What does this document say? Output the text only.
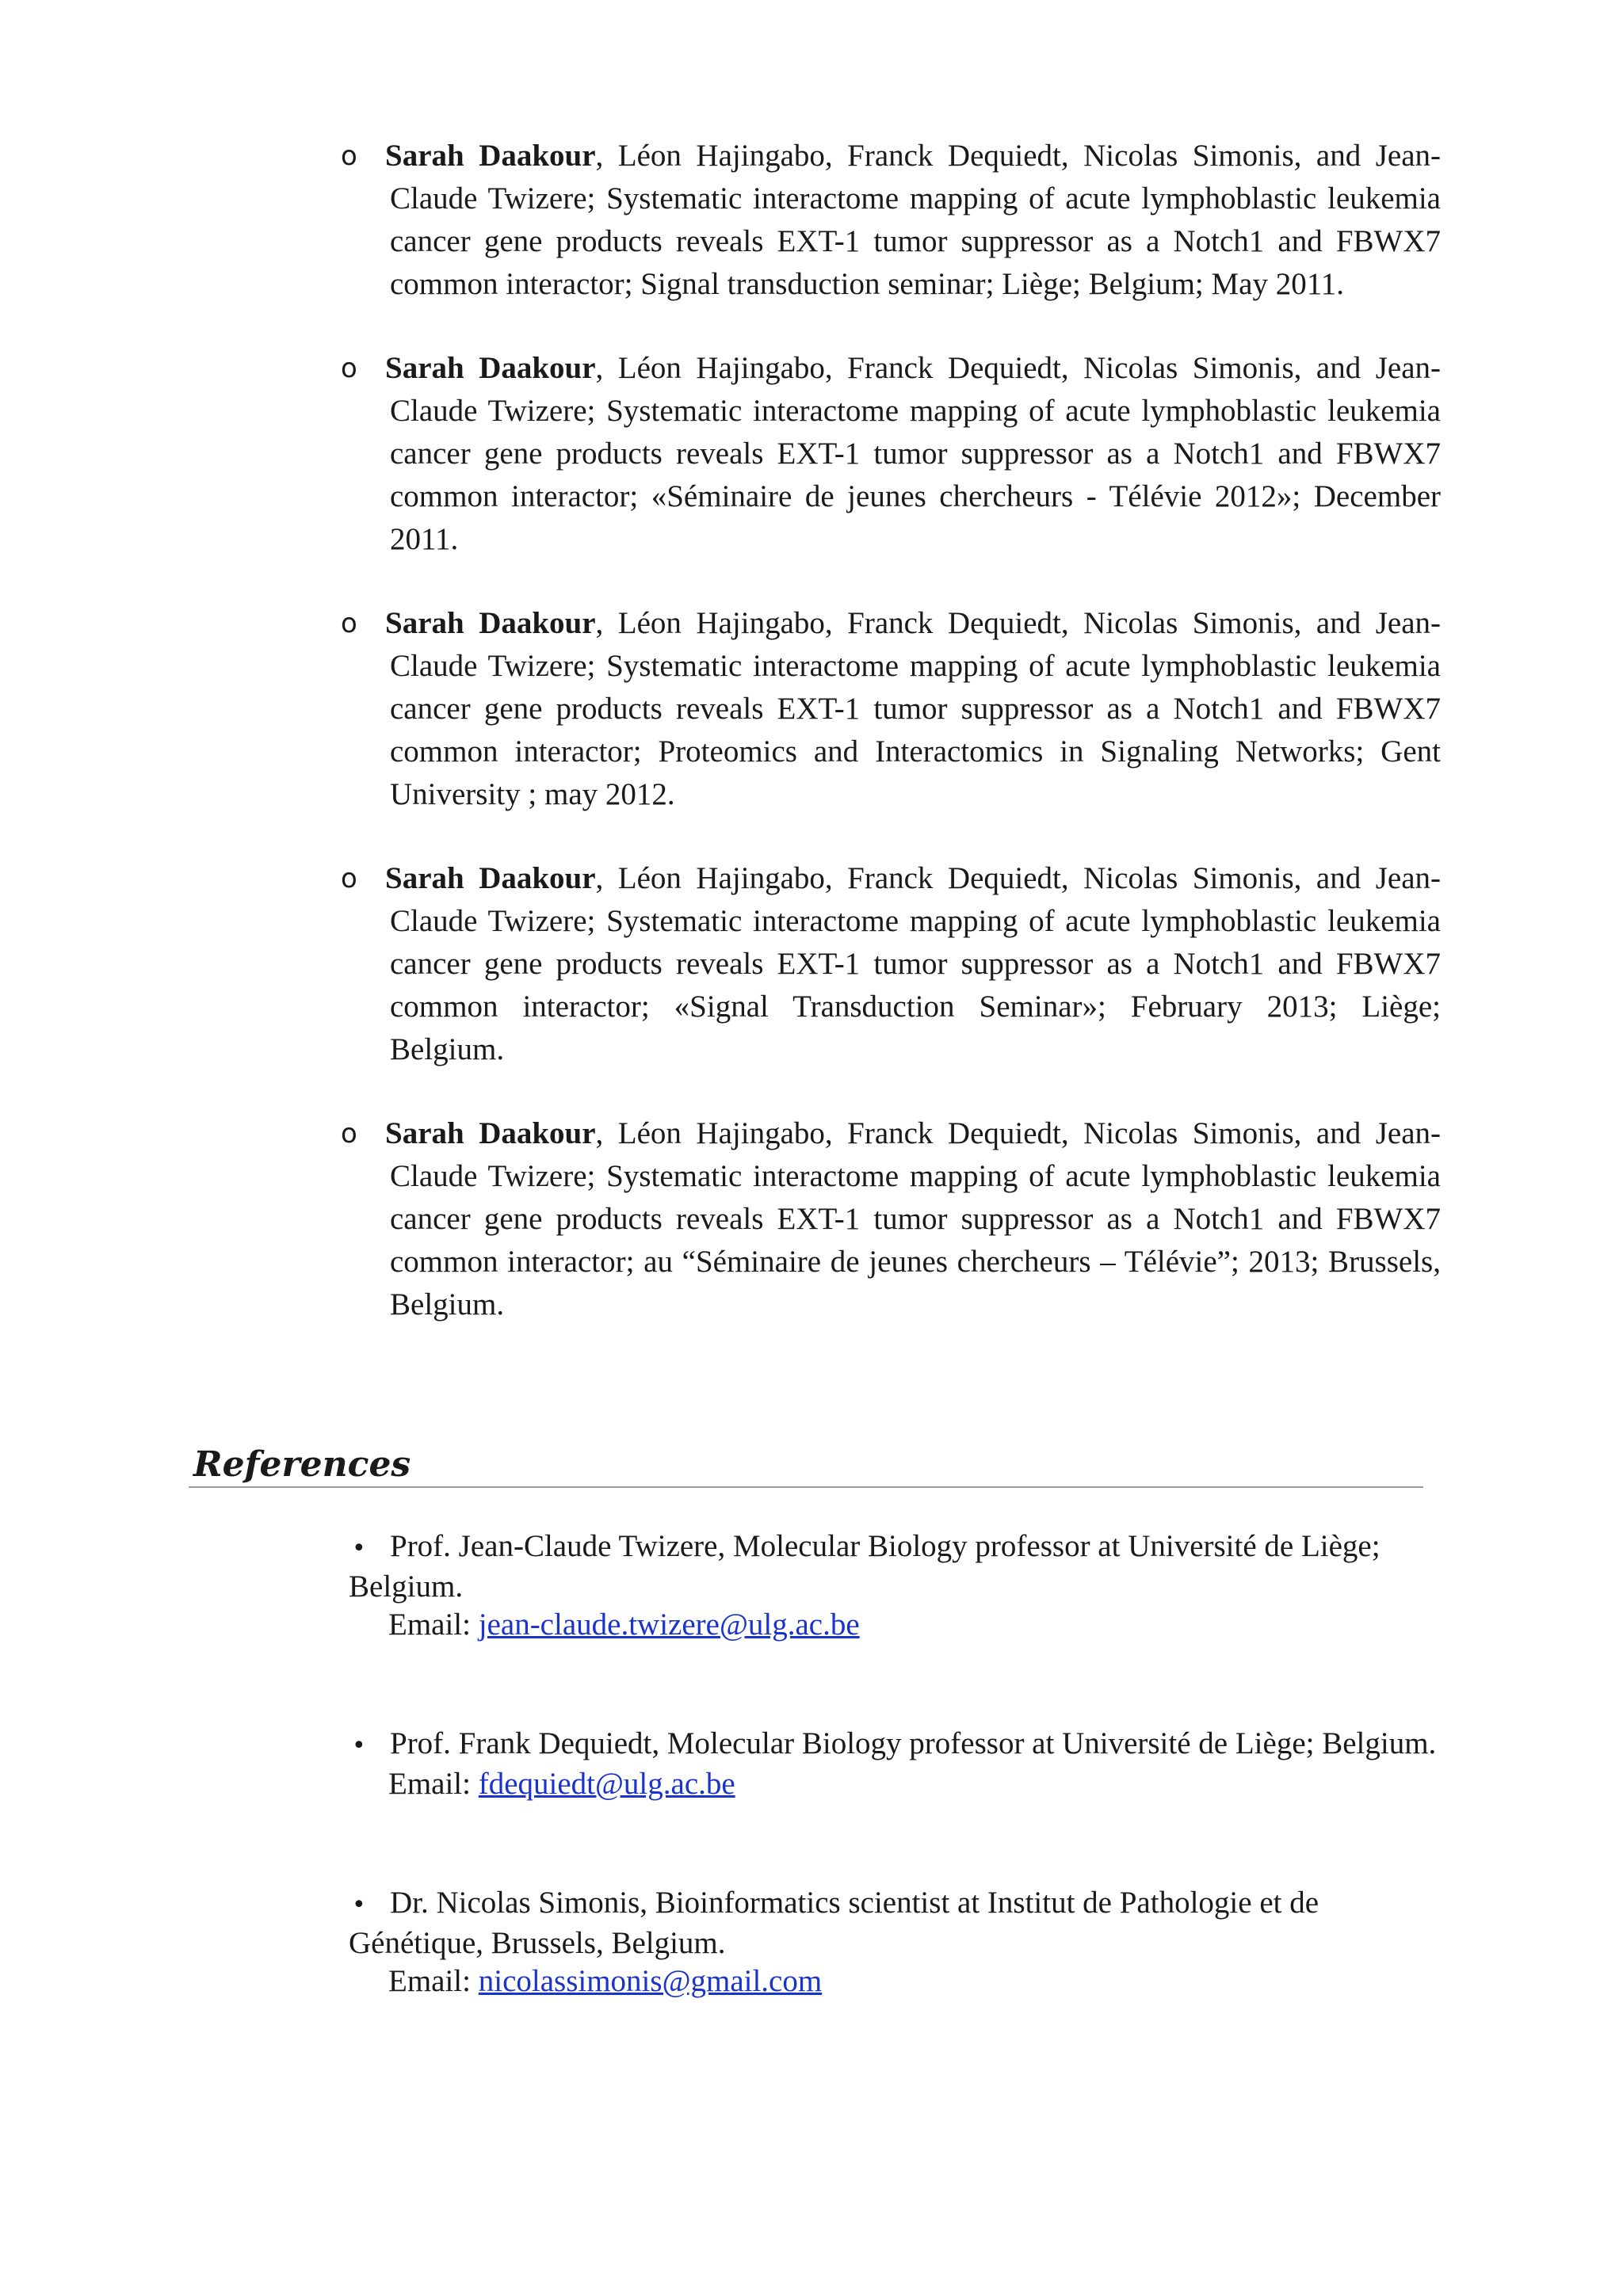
o Sarah Daakour, Léon Hajingabo, Franck Dequiedt, Nicolas Simonis, and Jean-Claude Twizere; Systematic interactome mapping of acute lymphoblastic leukemia cancer gene products reveals EXT-1 tumor suppressor as a Notch1 and FBWX7 common interactor; Signal transduction seminar; Liège; Belgium; May 2011.
o Sarah Daakour, Léon Hajingabo, Franck Dequiedt, Nicolas Simonis, and Jean-Claude Twizere; Systematic interactome mapping of acute lymphoblastic leukemia cancer gene products reveals EXT-1 tumor suppressor as a Notch1 and FBWX7 common interactor; «Séminaire de jeunes chercheurs - Télévie 2012»; December 2011.
o Sarah Daakour, Léon Hajingabo, Franck Dequiedt, Nicolas Simonis, and Jean-Claude Twizere; Systematic interactome mapping of acute lymphoblastic leukemia cancer gene products reveals EXT-1 tumor suppressor as a Notch1 and FBWX7 common interactor; Proteomics and Interactomics in Signaling Networks; Gent University ; may 2012.
o Sarah Daakour, Léon Hajingabo, Franck Dequiedt, Nicolas Simonis, and Jean-Claude Twizere; Systematic interactome mapping of acute lymphoblastic leukemia cancer gene products reveals EXT-1 tumor suppressor as a Notch1 and FBWX7 common interactor; «Signal Transduction Seminar»; February 2013; Liège; Belgium.
o Sarah Daakour, Léon Hajingabo, Franck Dequiedt, Nicolas Simonis, and Jean-Claude Twizere; Systematic interactome mapping of acute lymphoblastic leukemia cancer gene products reveals EXT-1 tumor suppressor as a Notch1 and FBWX7 common interactor; au “Séminaire de jeunes chercheurs – Télévie”; 2013; Brussels, Belgium.
References
• Prof. Jean-Claude Twizere, Molecular Biology professor at Université de Liège; Belgium.
Email: jean-claude.twizere@ulg.ac.be
• Prof. Frank Dequiedt, Molecular Biology professor at Université de Liège; Belgium.
Email: fdequiedt@ulg.ac.be
• Dr. Nicolas Simonis, Bioinformatics scientist at Institut de Pathologie et de Génétique, Brussels, Belgium.
Email: nicolassimonis@gmail.com
